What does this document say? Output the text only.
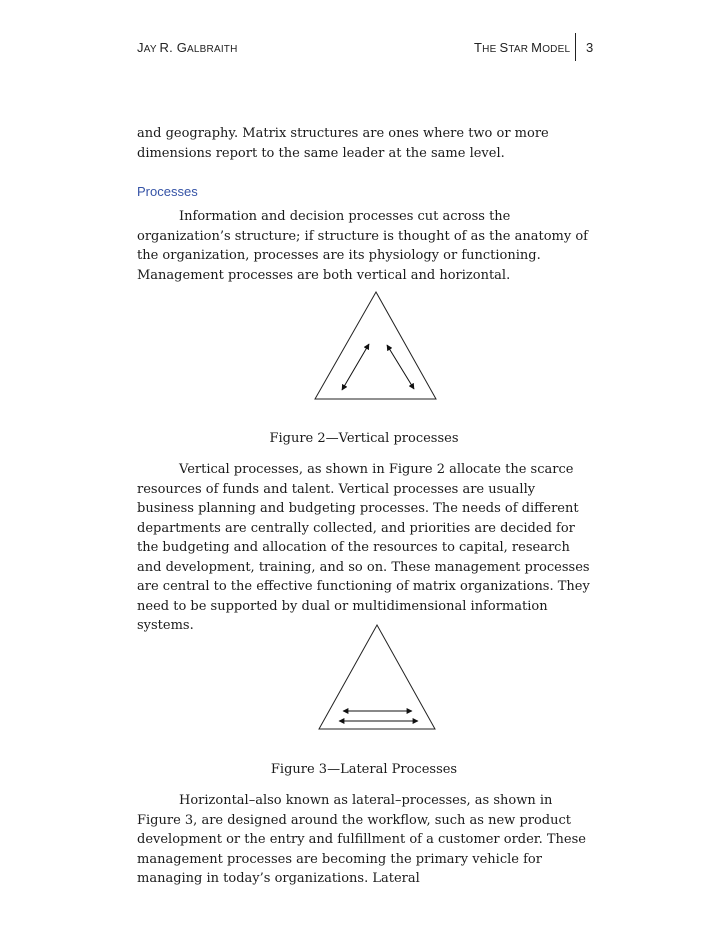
JAY R. GALBRAITH	THE STAR MODEL 3

and geography. Matrix structures are ones where two or more dimensions report to the same leader at the same level.

Processes

Information and decision processes cut across the organization’s structure; if structure is thought of as the anatomy of the organization, processes are its physiology or functioning. Management processes are both vertical and horizontal.

Figure 2—Vertical processes

Vertical processes, as shown in Figure 2 allocate the scarce resources of funds and talent. Vertical processes are usually business planning and budgeting processes. The needs of different departments are centrally collected, and priorities are decided for the budgeting and allocation of the resources to capital, research and development, training, and so on. These management processes are central to the effective functioning of matrix organizations. They need to be supported by dual or multidimensional information systems.

Figure 3—Lateral Processes

Horizontal–also known as lateral–processes, as shown in Figure 3, are designed around the workflow, such as new product development or the entry and fulfillment of a customer order. These management processes are becoming the primary vehicle for managing in today’s organizations. Lateral
